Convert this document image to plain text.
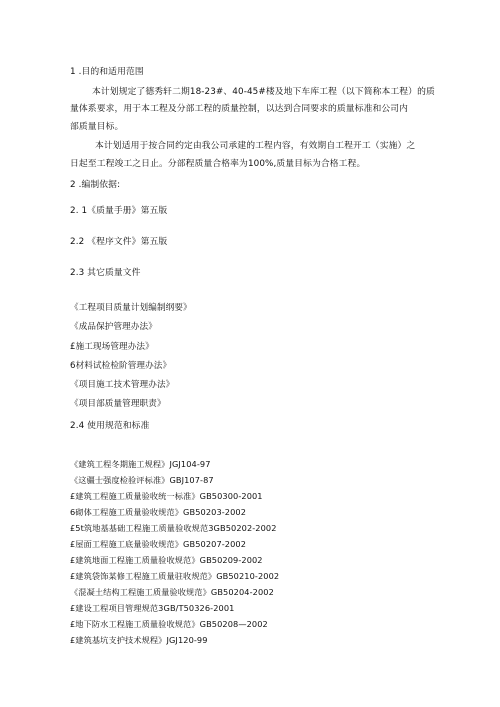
1 .目的和适用范围
本计划规定了德秀轩二期18-23#、40-45#楼及地下车库工程（以下简称本工程）的质
量体系要求，用于本工程及分部工程的质量控制，以达到合同要求的质量标准和公司内
部质量目标。
本计划适用于按合同约定由我公司承建的工程内容，有效期自工程开工（实施）之
日起至工程竣工之日止。分部程质量合格率为100%,质量目标为合格工程。
2 .编制依据:
2. 1《质量手册》第五版
2.2 《程序文件》第五版
2.3 其它质量文件
《工程项目质量计划编制纲要》
《成品保护管理办法》
£施工现场管理办法》
6材料试检检阶管理办法》
《项目施工技术管理办法》
《项目部质量管理职责》
2.4 使用规范和标准
《建筑工程冬期施工规程》JGJ104-97
《这疆士强度检验评标准》GBJ107-87
£建筑工程施工质量验收统一标准》GB50300-2001
6砌体工程施工质量验收规范》GB50203-2002
£5t筑地基基础工程施工质量验收规范3GB50202-2002
£屋面工程施工底量验收规范》GB50207-2002
£建筑地面工程施工质量验收规范》GB50209-2002
£建筑袋饰某修工程施工质量驻收规范》GB50210-2002
《混凝土结构工程施工质量验收规范》GB50204-2002
£建设工程项目管理规范3GB/T50326-2001
£地下防水工程施工质量验收规范》GB50208—2002
£建筑基坑支护技术规程》JGJ120-99
